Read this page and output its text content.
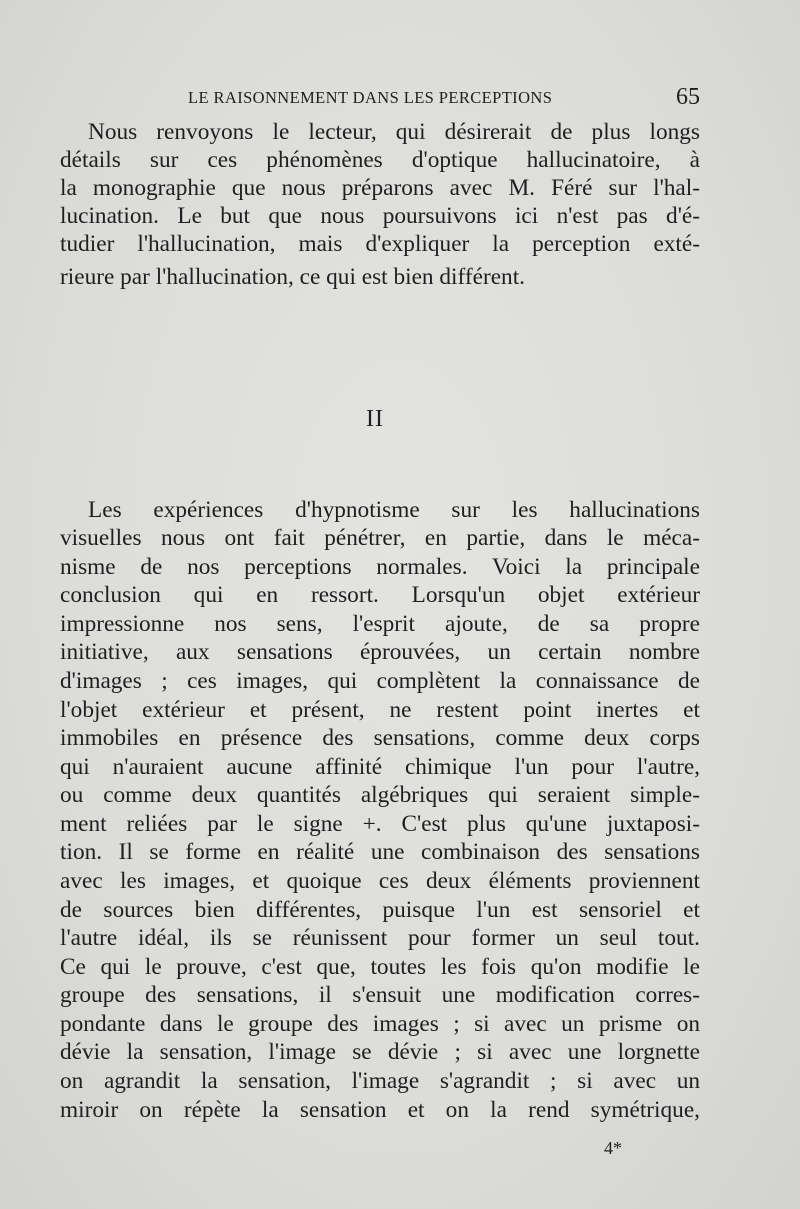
LE RAISONNEMENT DANS LES PERCEPTIONS	65
Nous renvoyons le lecteur, qui désirerait de plus longs
détails sur ces phénomènes d'optique hallucinatoire, à
la monographie que nous préparons avec M. Féré sur l'hal-
lucination. Le but que nous poursuivons ici n'est pas d'é-
tudier l'hallucination, mais d'expliquer la perception exté-
rieure par l'hallucination, ce qui est bien différent.
II
Les expériences d'hypnotisme sur les hallucinations
visuelles nous ont fait pénétrer, en partie, dans le méca-
nisme de nos perceptions normales. Voici la principale
conclusion qui en ressort. Lorsqu'un objet extérieur
impressionne nos sens, l'esprit ajoute, de sa propre
initiative, aux sensations éprouvées, un certain nombre
d'images ; ces images, qui complètent la connaissance de
l'objet extérieur et présent, ne restent point inertes et
immobiles en présence des sensations, comme deux corps
qui n'auraient aucune affinité chimique l'un pour l'autre,
ou comme deux quantités algébriques qui seraient simple-
ment reliées par le signe +. C'est plus qu'une juxtaposi-
tion. Il se forme en réalité une combinaison des sensations
avec les images, et quoique ces deux éléments proviennent
de sources bien différentes, puisque l'un est sensoriel et
l'autre idéal, ils se réunissent pour former un seul tout.
Ce qui le prouve, c'est que, toutes les fois qu'on modifie le
groupe des sensations, il s'ensuit une modification corres-
pondante dans le groupe des images ; si avec un prisme on
dévie la sensation, l'image se dévie ; si avec une lorgnette
on agrandit la sensation, l'image s'agrandit ; si avec un
miroir on répète la sensation et on la rend symétrique,
4*
